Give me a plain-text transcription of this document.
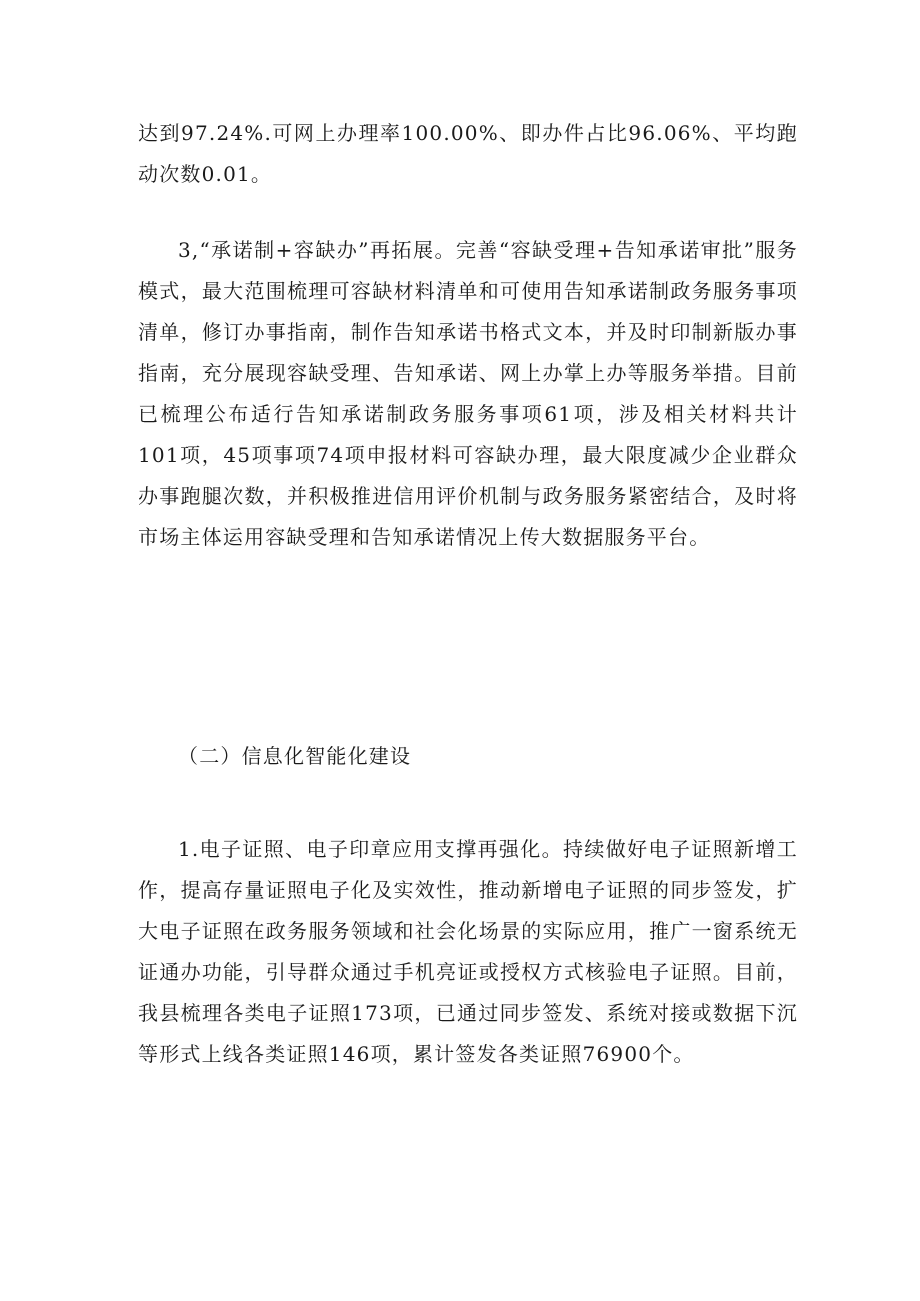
达到97.24%.可网上办理率100.00%、即办件占比96.06%、平均跑动次数0.01。

3,“承诺制+容缺办”再拓展。完善“容缺受理+告知承诺审批”服务模式，最大范围梳理可容缺材料清单和可使用告知承诺制政务服务事项清单，修订办事指南，制作告知承诺书格式文本，并及时印制新版办事指南，充分展现容缺受理、告知承诺、网上办掌上办等服务举措。目前已梳理公布适行告知承诺制政务服务事项61项，涉及相关材料共计101项，45项事项74项申报材料可容缺办理，最大限度减少企业群众办事跑腿次数，并积极推进信用评价机制与政务服务紧密结合，及时将市场主体运用容缺受理和告知承诺情况上传大数据服务平台。

（二）信息化智能化建设

1.电子证照、电子印章应用支撑再强化。持续做好电子证照新增工作，提高存量证照电子化及实效性，推动新增电子证照的同步签发，扩大电子证照在政务服务领域和社会化场景的实际应用，推广一窗系统无证通办功能，引导群众通过手机亮证或授权方式核验电子证照。目前，我县梳理各类电子证照173项，已通过同步签发、系统对接或数据下沉等形式上线各类证照146项，累计签发各类证照76900个。
